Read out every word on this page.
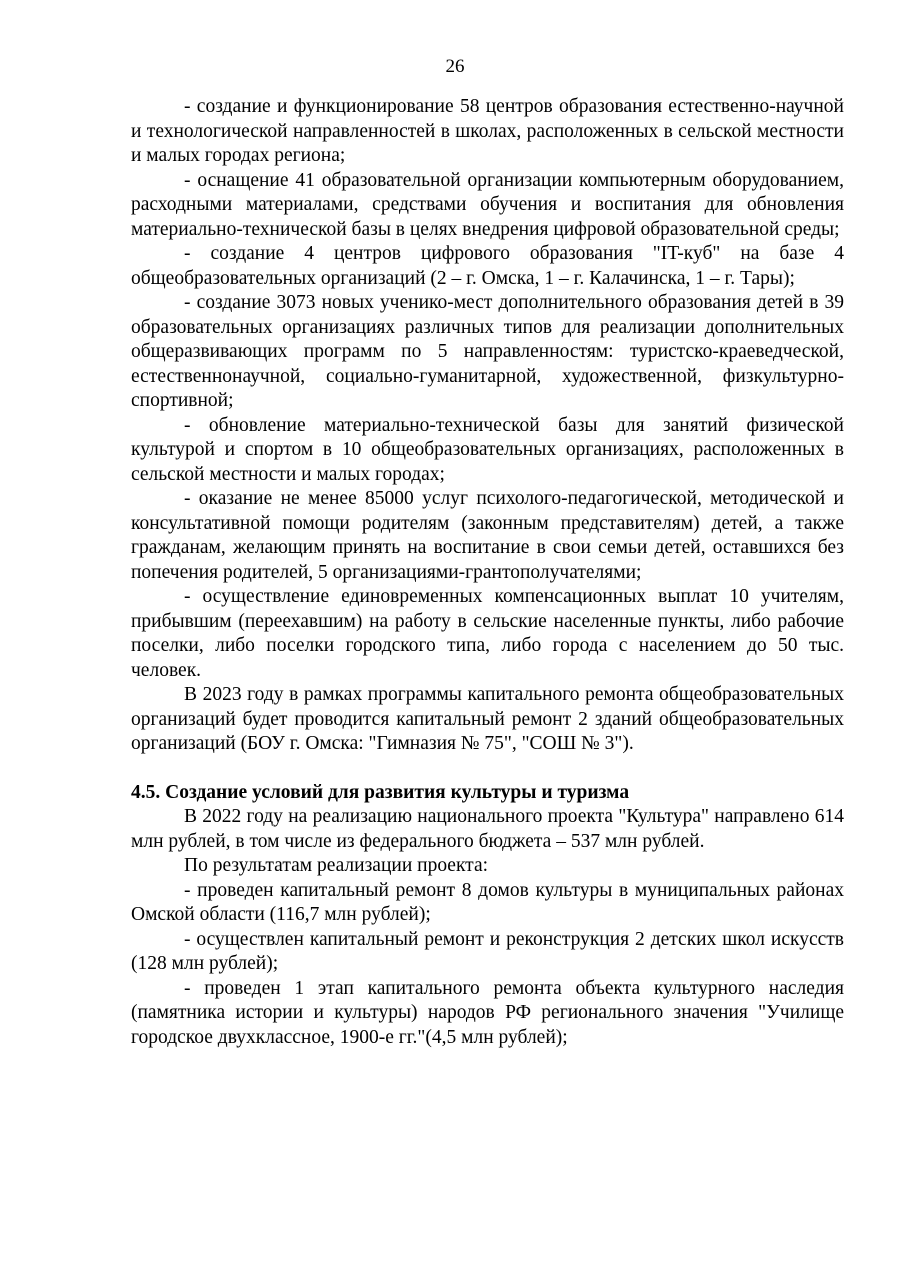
26

- создание и функционирование 58 центров образования естественно-научной и технологической направленностей в школах, расположенных в сельской местности и малых городах региона;

- оснащение 41 образовательной организации компьютерным оборудованием, расходными материалами, средствами обучения и воспитания для обновления материально-технической базы в целях внедрения цифровой образовательной среды;

- создание 4 центров цифрового образования "IT-куб" на базе 4 общеобразовательных организаций (2 – г. Омска, 1 – г. Калачинска, 1 – г. Тары);

- создание 3073 новых ученико-мест дополнительного образования детей в 39 образовательных организациях различных типов для реализации дополнительных общеразвивающих программ по 5 направленностям: туристско-краеведческой, естественнонаучной, социально-гуманитарной, художественной, физкультурно-спортивной;

- обновление материально-технической базы для занятий физической культурой и спортом в 10 общеобразовательных организациях, расположенных в сельской местности и малых городах;

- оказание не менее 85000 услуг психолого-педагогической, методической и консультативной помощи родителям (законным представителям) детей, а также гражданам, желающим принять на воспитание в свои семьи детей, оставшихся без попечения родителей, 5 организациями-грантополучателями;

- осуществление единовременных компенсационных выплат 10 учителям, прибывшим (переехавшим) на работу в сельские населенные пункты, либо рабочие поселки, либо поселки городского типа, либо города с населением до 50 тыс. человек.

В 2023 году в рамках программы капитального ремонта общеобразовательных организаций будет проводится капитальный ремонт 2 зданий общеобразовательных организаций (БОУ г. Омска: "Гимназия № 75", "СОШ № 3").

4.5. Создание условий для развития культуры и туризма

В 2022 году на реализацию национального проекта "Культура" направлено 614 млн рублей, в том числе из федерального бюджета – 537 млн рублей.

По результатам реализации проекта:

- проведен капитальный ремонт 8 домов культуры в муниципальных районах Омской области (116,7 млн рублей);

- осуществлен капитальный ремонт и реконструкция 2 детских школ искусств (128 млн рублей);

- проведен 1 этап капитального ремонта объекта культурного наследия (памятника истории и культуры) народов РФ регионального значения "Училище городское двухклассное, 1900-е гг."(4,5 млн рублей);
